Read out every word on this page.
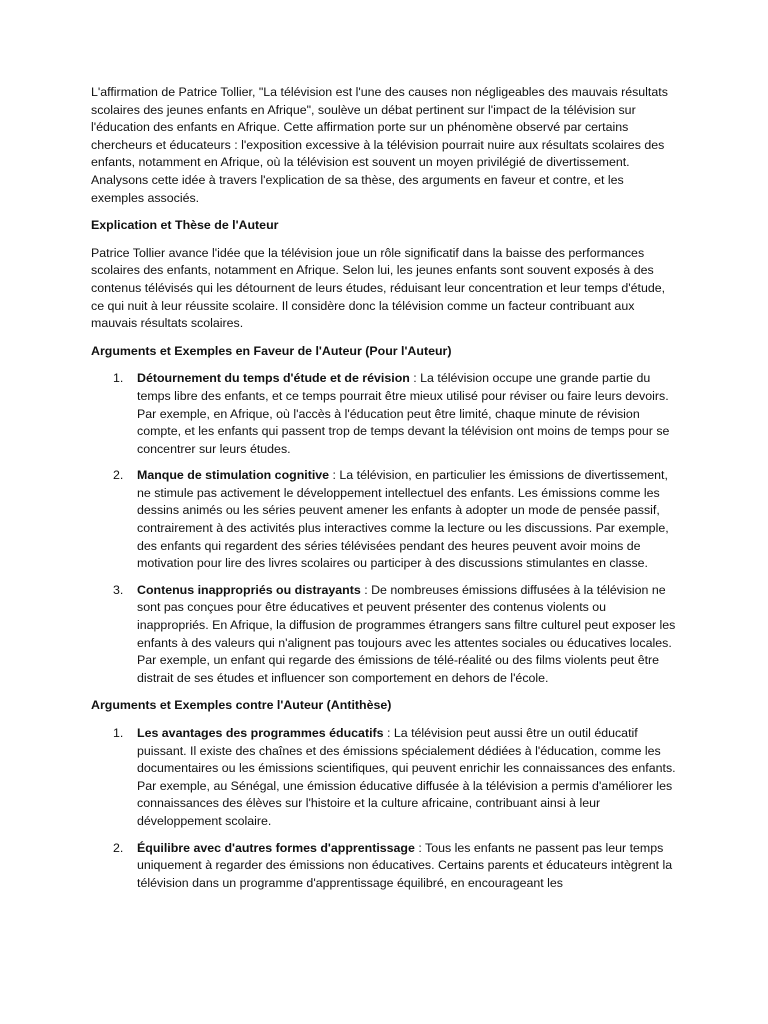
L'affirmation de Patrice Tollier, "La télévision est l'une des causes non négligeables des mauvais résultats scolaires des jeunes enfants en Afrique", soulève un débat pertinent sur l'impact de la télévision sur l'éducation des enfants en Afrique. Cette affirmation porte sur un phénomène observé par certains chercheurs et éducateurs : l'exposition excessive à la télévision pourrait nuire aux résultats scolaires des enfants, notamment en Afrique, où la télévision est souvent un moyen privilégié de divertissement. Analysons cette idée à travers l'explication de sa thèse, des arguments en faveur et contre, et les exemples associés.

Explication et Thèse de l'Auteur

Patrice Tollier avance l'idée que la télévision joue un rôle significatif dans la baisse des performances scolaires des enfants, notamment en Afrique. Selon lui, les jeunes enfants sont souvent exposés à des contenus télévisés qui les détournent de leurs études, réduisant leur concentration et leur temps d'étude, ce qui nuit à leur réussite scolaire. Il considère donc la télévision comme un facteur contribuant aux mauvais résultats scolaires.

Arguments et Exemples en Faveur de l'Auteur (Pour l'Auteur)

1. Détournement du temps d'étude et de révision : La télévision occupe une grande partie du temps libre des enfants, et ce temps pourrait être mieux utilisé pour réviser ou faire leurs devoirs. Par exemple, en Afrique, où l'accès à l'éducation peut être limité, chaque minute de révision compte, et les enfants qui passent trop de temps devant la télévision ont moins de temps pour se concentrer sur leurs études.
2. Manque de stimulation cognitive : La télévision, en particulier les émissions de divertissement, ne stimule pas activement le développement intellectuel des enfants. Les émissions comme les dessins animés ou les séries peuvent amener les enfants à adopter un mode de pensée passif, contrairement à des activités plus interactives comme la lecture ou les discussions. Par exemple, des enfants qui regardent des séries télévisées pendant des heures peuvent avoir moins de motivation pour lire des livres scolaires ou participer à des discussions stimulantes en classe.
3. Contenus inappropriés ou distrayants : De nombreuses émissions diffusées à la télévision ne sont pas conçues pour être éducatives et peuvent présenter des contenus violents ou inappropriés. En Afrique, la diffusion de programmes étrangers sans filtre culturel peut exposer les enfants à des valeurs qui n'alignent pas toujours avec les attentes sociales ou éducatives locales. Par exemple, un enfant qui regarde des émissions de télé-réalité ou des films violents peut être distrait de ses études et influencer son comportement en dehors de l'école.

Arguments et Exemples contre l'Auteur (Antithèse)

1. Les avantages des programmes éducatifs : La télévision peut aussi être un outil éducatif puissant. Il existe des chaînes et des émissions spécialement dédiées à l'éducation, comme les documentaires ou les émissions scientifiques, qui peuvent enrichir les connaissances des enfants. Par exemple, au Sénégal, une émission éducative diffusée à la télévision a permis d'améliorer les connaissances des élèves sur l'histoire et la culture africaine, contribuant ainsi à leur développement scolaire.
2. Équilibre avec d'autres formes d'apprentissage : Tous les enfants ne passent pas leur temps uniquement à regarder des émissions non éducatives. Certains parents et éducateurs intègrent la télévision dans un programme d'apprentissage équilibré, en encourageant les
